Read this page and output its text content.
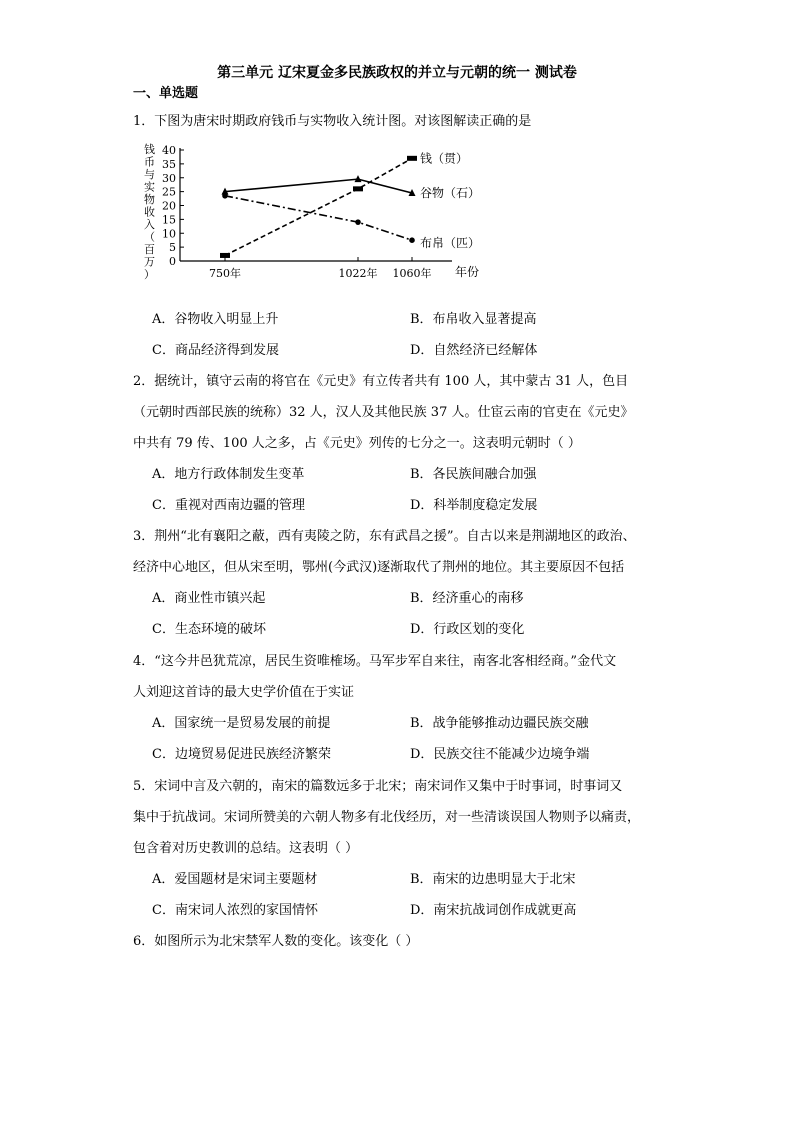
第三单元 辽宋夏金多民族政权的并立与元朝的统一 测试卷
一、单选题
1．下图为唐宋时期政府钱币与实物收入统计图。对该图解读正确的是
钱币与实物收入（百万）
0
5
10
15
20
25
30
35
40
750年	1022年 1060年 年份
钱（贯）
谷物（石）
布帛（匹）
A．谷物收入明显上升	B．布帛收入显著提高
C．商品经济得到发展	D．自然经济已经解体
2．据统计，镇守云南的将官在《元史》有立传者共有 100 人，其中蒙古 31 人，色目
（元朝时西部民族的统称）32 人，汉人及其他民族 37 人。仕宦云南的官吏在《元史》
中共有 79 传、100 人之多，占《元史》列传的七分之一。这表明元朝时（ ）
A．地方行政体制发生变革	B．各民族间融合加强
C．重视对西南边疆的管理	D．科举制度稳定发展
3．荆州“北有襄阳之蔽，西有夷陵之防，东有武昌之援”。自古以来是荆湖地区的政治、
经济中心地区，但从宋至明，鄂州(今武汉)逐渐取代了荆州的地位。其主要原因不包括
A．商业性市镇兴起	B．经济重心的南移
C．生态环境的破坏	D．行政区划的变化
4．“这今井邑犹荒凉，居民生资唯榷场。马军步军自来往，南客北客相经商。”金代文
人刘迎这首诗的最大史学价值在于实证
A．国家统一是贸易发展的前提	B．战争能够推动边疆民族交融
C．边境贸易促进民族经济繁荣	D．民族交往不能减少边境争端
5．宋词中言及六朝的，南宋的篇数远多于北宋；南宋词作又集中于时事词，时事词又
集中于抗战词。宋词所赞美的六朝人物多有北伐经历，对一些清谈误国人物则予以痛责，
包含着对历史教训的总结。这表明（ ）
A．爱国题材是宋词主要题材	B．南宋的边患明显大于北宋
C．南宋词人浓烈的家国情怀	D．南宋抗战词创作成就更高
6．如图所示为北宋禁军人数的变化。该变化（ ）
